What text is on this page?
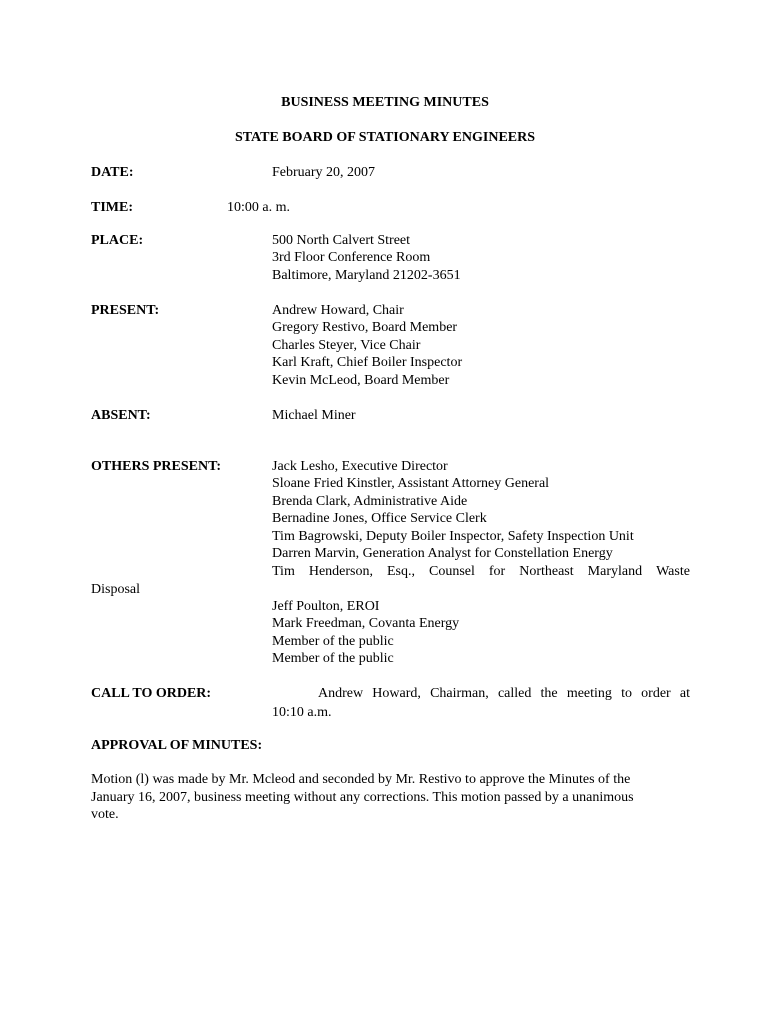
BUSINESS MEETING MINUTES
STATE BOARD OF STATIONARY ENGINEERS
DATE:	February 20, 2007
TIME:	10:00 a. m.
PLACE:	500 North Calvert Street
3rd Floor Conference Room
Baltimore, Maryland 21202-3651
PRESENT:	Andrew Howard, Chair
Gregory Restivo, Board Member
Charles Steyer, Vice Chair
Karl Kraft, Chief Boiler Inspector
Kevin McLeod, Board Member
ABSENT:	Michael Miner
OTHERS PRESENT:	Jack Lesho, Executive Director
Sloane Fried Kinstler, Assistant Attorney General
Brenda Clark, Administrative Aide
Bernadine Jones, Office Service Clerk
Tim Bagrowski, Deputy Boiler Inspector, Safety Inspection Unit
Darren Marvin, Generation Analyst for Constellation Energy
Tim Henderson, Esq., Counsel for Northeast Maryland Waste
Disposal
Jeff Poulton, EROI
Mark Freedman, Covanta Energy
Member of the public
Member of the public
CALL TO ORDER:	Andrew Howard, Chairman, called the meeting to order at
10:10 a.m.
APPROVAL OF MINUTES:
Motion (l) was made by Mr. Mcleod and seconded by Mr. Restivo to approve the Minutes of the
January 16, 2007, business meeting without any corrections. This motion passed by a unanimous
vote.
